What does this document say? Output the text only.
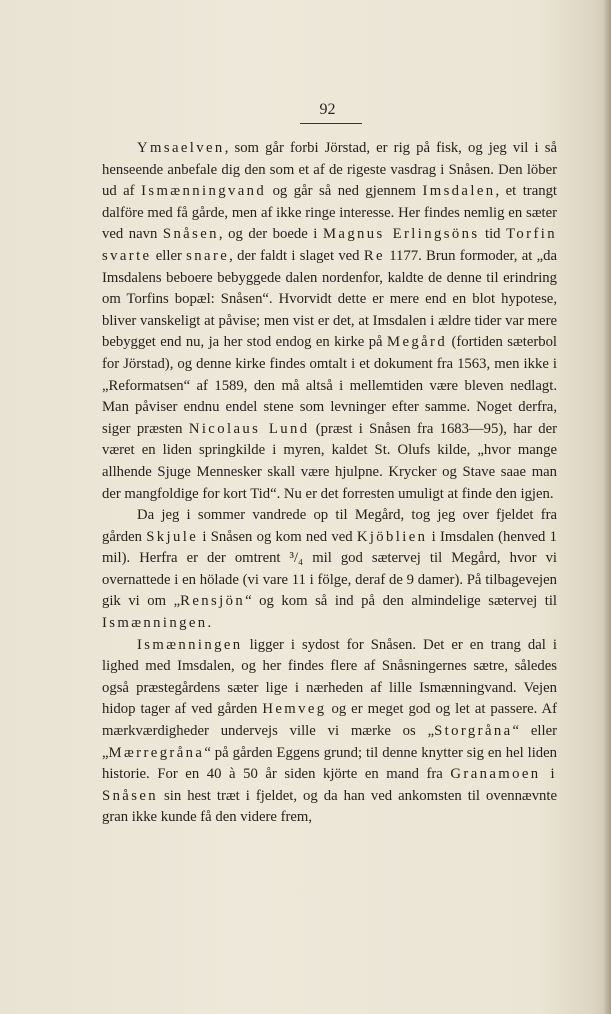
92

Ymsaelven, som går forbi Jörstad, er rig på fisk, og jeg vil i så henseende anbefale dig den som et af de rigeste vasdrag i Snåsen. Den löber ud af Ismænningvand og går så ned gjennem Imsdalen, et trangt dalföre med få gårde, men af ikke ringe interesse. Her findes nemlig en sæter ved navn Snåsen, og der boede i Magnus Erlingsöns tid Torfin svarte eller snare, der faldt i slaget ved Re 1177. Brun formoder, at „da Imsdalens beboere bebyggede dalen nordenfor, kaldte de denne til erindring om Torfins bopæl: Snåsen“. Hvorvidt dette er mere end en blot hypotese, bliver vanskeligt at påvise; men vist er det, at Imsdalen i ældre tider var mere bebygget end nu, ja her stod endog en kirke på Megård (fortiden sæterbol for Jörstad), og denne kirke findes omtalt i et dokument fra 1563, men ikke i „Reformatsen“ af 1589, den må altså i mellemtiden være bleven nedlagt. Man påviser endnu endel stene som levninger efter samme. Noget derfra, siger præsten Nicolaus Lund (præst i Snåsen fra 1683—95), har der været en liden springkilde i myren, kaldet St. Olufs kilde, „hvor mange allhende Sjuge Mennesker skall være hjulpne. Krycker og Stave saae man der mangfoldige for kort Tid“. Nu er det forresten umuligt at finde den igjen.

Da jeg i sommer vandrede op til Megård, tog jeg over fjeldet fra gården Skjule i Snåsen og kom ned ved Kjöblien i Imsdalen (henved 1 mil). Herfra er der omtrent ³/₄ mil god sætervej til Megård, hvor vi overnattede i en hölade (vi vare 11 i fölge, deraf de 9 damer). På tilbagevejen gik vi om „Rensjön“ og kom så ind på den almindelige sætervej til Ismænningen.

Ismænningen ligger i sydost for Snåsen. Det er en trang dal i lighed med Imsdalen, og her findes flere af Snåsningernes sætre, således også præstegårdens sæter lige i nærheden af lille Ismænningvand. Vejen hidop tager af ved gården Hemveg og er meget god og let at passere. Af mærkværdigheder undervejs ville vi mærke os „Storgråna“ eller „Mærregråna“ på gården Eggens grund; til denne knytter sig en hel liden historie. For en 40 à 50 år siden kjörte en mand fra Granamoen i Snåsen sin hest træt i fjeldet, og da han ved ankomsten til ovennævnte gran ikke kunde få den videre frem,
